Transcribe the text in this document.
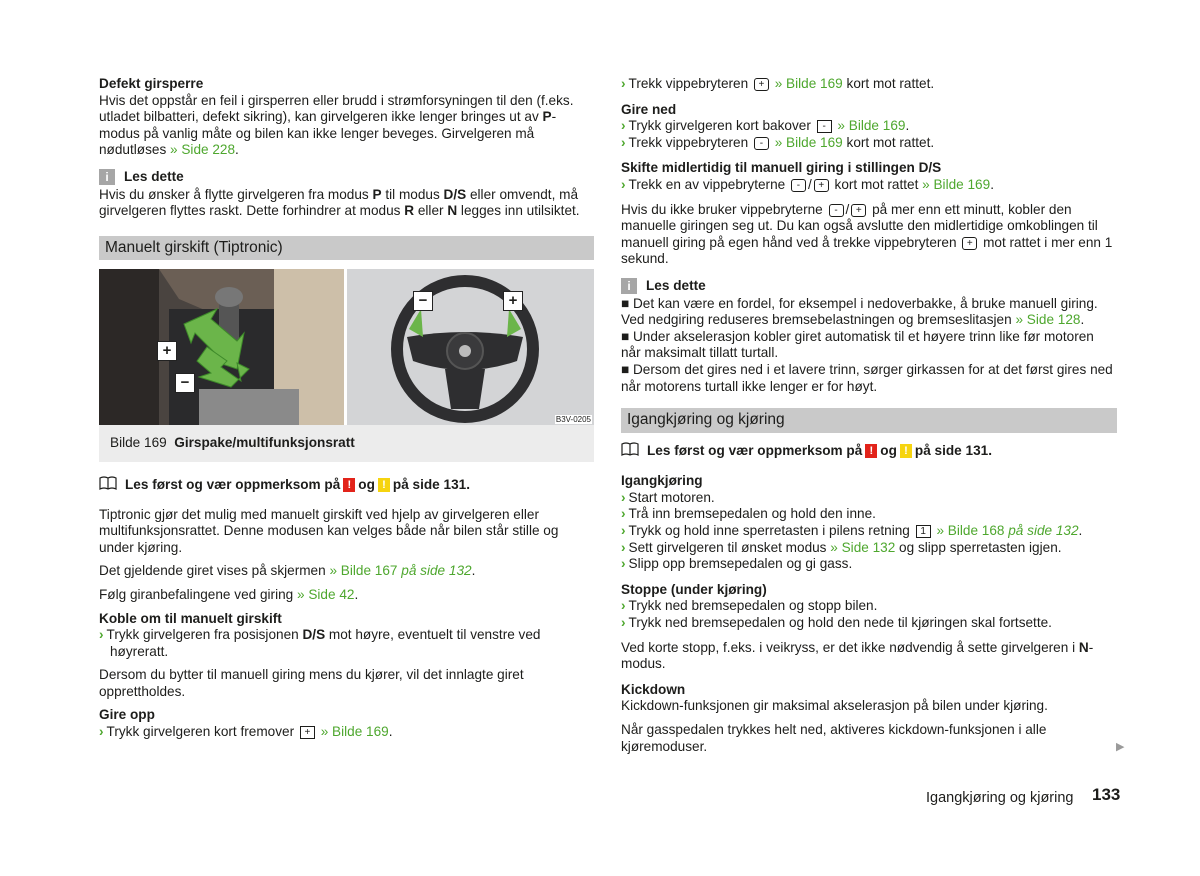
Defekt girsperre

Hvis det oppstår en feil i girsperren eller brudd i strømforsyningen til den (f.eks. utladet bilbatteri, defekt sikring), kan girvelgeren ikke lenger bringes ut av P-modus på vanlig måte og bilen kan ikke lenger beveges. Girvelgeren må nødutløses » Side 228.

i	Les dette

Hvis du ønsker å flytte girvelgeren fra modus P til modus D/S eller omvendt, må girvelgeren flyttes raskt. Dette forhindrer at modus R eller N legges inn utilsiktet.

Manuelt girskift (Tiptronic)
+
−
−	+
B3V-0205
Bilde 169 Girspake/multifunksjonsratt
Les først og vær oppmerksom på ! og ! på side 131.

Tiptronic gjør det mulig med manuelt girskift ved hjelp av girvelgeren eller multifunksjonsrattet. Denne modusen kan velges både når bilen står stille og under kjøring.

Det gjeldende giret vises på skjermen » Bilde 167 på side 132.

Følg giranbefalingene ved giring » Side 42.

Koble om til manuelt girskift

› Trykk girvelgeren fra posisjonen D/S mot høyre, eventuelt til venstre ved høyreratt.

Dersom du bytter til manuell giring mens du kjører, vil det innlagte giret opprettholdes.

Gire opp

› Trykk girvelgeren kort fremover + » Bilde 169.

› Trekk vippebryteren + » Bilde 169 kort mot rattet.

Gire ned

› Trykk girvelgeren kort bakover - » Bilde 169.

› Trekk vippebryteren - » Bilde 169 kort mot rattet.

Skifte midlertidig til manuell giring i stillingen D/S

› Trekk en av vippebryterne - / + kort mot rattet » Bilde 169.

Hvis du ikke bruker vippebryterne - / + på mer enn ett minutt, kobler den manuelle giringen seg ut. Du kan også avslutte den midlertidige omkoblingen til manuell giring på egen hånd ved å trekke vippebryteren + mot rattet i mer enn 1 sekund.

i	Les dette

■ Det kan være en fordel, for eksempel i nedoverbakke, å bruke manuell giring. Ved nedgiring reduseres bremsebelastningen og bremseslitasjen » Side 128.

■ Under akselerasjon kobler giret automatisk til et høyere trinn like før motoren når maksimalt tillatt turtall.

■ Dersom det gires ned i et lavere trinn, sørger girkassen for at det først gires ned når motorens turtall ikke lenger er for høyt.

Igangkjøring og kjøring
Les først og vær oppmerksom på ! og ! på side 131.

Igangkjøring

› Start motoren.

› Trå inn bremsepedalen og hold den inne.

› Trykk og hold inne sperretasten i pilens retning 1 » Bilde 168 på side 132.

› Sett girvelgeren til ønsket modus » Side 132 og slipp sperretasten igjen.

› Slipp opp bremsepedalen og gi gass.

Stoppe (under kjøring)

› Trykk ned bremsepedalen og stopp bilen.

› Trykk ned bremsepedalen og hold den nede til kjøringen skal fortsette.

Ved korte stopp, f.eks. i veikryss, er det ikke nødvendig å sette girvelgeren i N-modus.

Kickdown

Kickdown-funksjonen gir maksimal akselerasjon på bilen under kjøring.

Når gasspedalen trykkes helt ned, aktiveres kickdown-funksjonen i alle kjøremoduser.	▶
Igangkjøring og kjøring 133
